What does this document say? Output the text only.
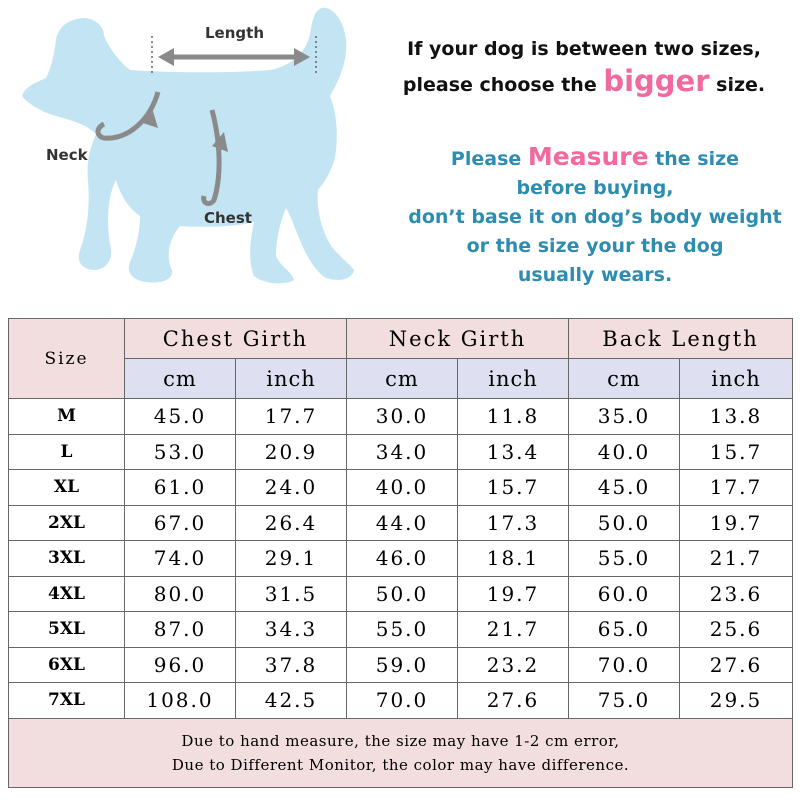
Length
Neck
Chest
If your dog is between two sizes,
please choose the bigger size.
Please Measure the size
before buying,
don’t base it on dog’s body weight
or the size your the dog
usually wears.
Size	Chest Girth		Neck Girth		Back Length	
	cm	inch	cm	inch	cm	inch
M	45.0	17.7	30.0	11.8	35.0	13.8
L	53.0	20.9	34.0	13.4	40.0	15.7
XL	61.0	24.0	40.0	15.7	45.0	17.7
2XL	67.0	26.4	44.0	17.3	50.0	19.7
3XL	74.0	29.1	46.0	18.1	55.0	21.7
4XL	80.0	31.5	50.0	19.7	60.0	23.6
5XL	87.0	34.3	55.0	21.7	65.0	25.6
6XL	96.0	37.8	59.0	23.2	70.0	27.6
7XL	108.0	42.5	70.0	27.6	75.0	29.5

Due to hand measure, the size may have 1-2 cm error,
Due to Different Monitor, the color may have difference.						
